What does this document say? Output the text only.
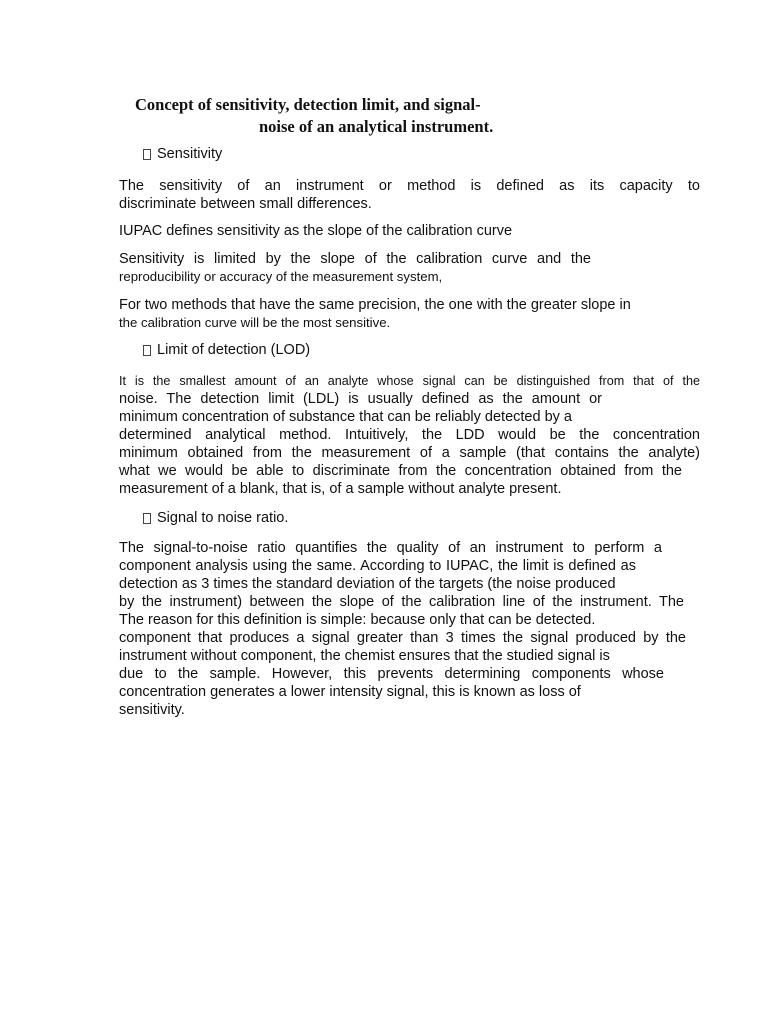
Concept of sensitivity, detection limit, and signal-
noise of an analytical instrument.
Sensitivity
The sensitivity of an instrument or method is defined as its capacity to
discriminate between small differences.
IUPAC defines sensitivity as the slope of the calibration curve
Sensitivity is limited by the slope of the calibration curve and the
reproducibility or accuracy of the measurement system,
For two methods that have the same precision, the one with the greater slope in
the calibration curve will be the most sensitive.
Limit of detection (LOD)
It is the smallest amount of an analyte whose signal can be distinguished from that of the
noise. The detection limit (LDL) is usually defined as the amount or
minimum concentration of substance that can be reliably detected by a
determined analytical method. Intuitively, the LDD would be the concentration
minimum obtained from the measurement of a sample (that contains the analyte)
what we would be able to discriminate from the concentration obtained from the
measurement of a blank, that is, of a sample without analyte present.
Signal to noise ratio.
The signal-to-noise ratio quantifies the quality of an instrument to perform a
component analysis using the same. According to IUPAC, the limit is defined as
detection as 3 times the standard deviation of the targets (the noise produced
by the instrument) between the slope of the calibration line of the instrument. The
The reason for this definition is simple: because only that can be detected.
component that produces a signal greater than 3 times the signal produced by the
instrument without component, the chemist ensures that the studied signal is
due to the sample. However, this prevents determining components whose
concentration generates a lower intensity signal, this is known as loss of
sensitivity.
